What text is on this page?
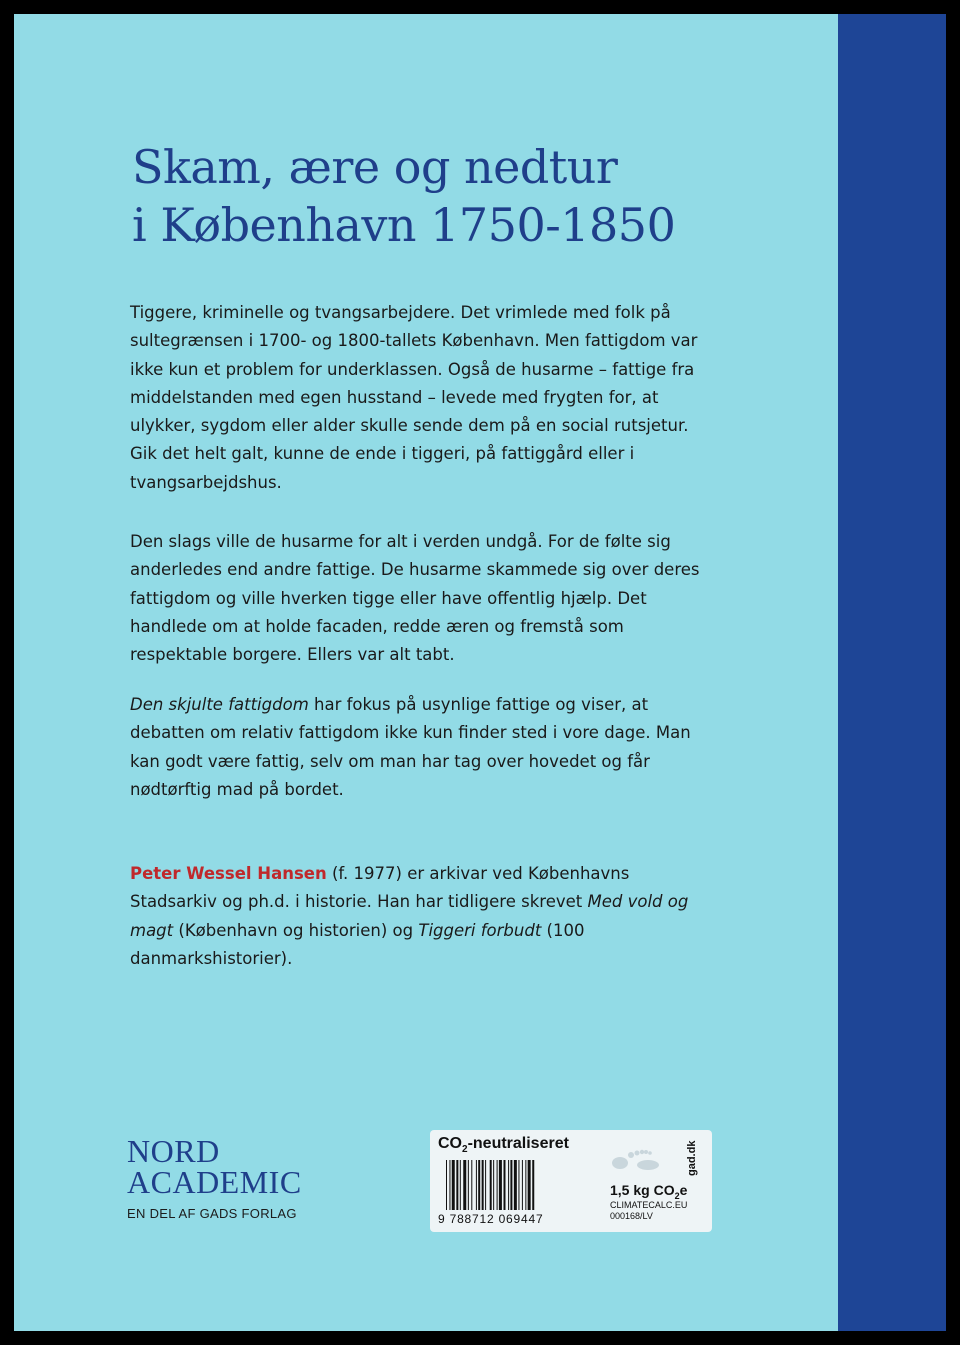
Skam, ære og nedtur
i København 1750-1850

Tiggere, kriminelle og tvangsarbejdere. Det vrimlede med folk på sultegrænsen i 1700- og 1800-tallets København. Men fattigdom var ikke kun et problem for underklassen. Også de husarme – fattige fra middelstanden med egen husstand – levede med frygten for, at ulykker, sygdom eller alder skulle sende dem på en social rutsjetur. Gik det helt galt, kunne de ende i tiggeri, på fattiggård eller i tvangsarbejdshus.

Den slags ville de husarme for alt i verden undgå. For de følte sig anderledes end andre fattige. De husarme skammede sig over deres fattigdom og ville hverken tigge eller have offentlig hjælp. Det handlede om at holde facaden, redde æren og fremstå som respektable borgere. Ellers var alt tabt.

Den skjulte fattigdom har fokus på usynlige fattige og viser, at debatten om relativ fattigdom ikke kun finder sted i vore dage. Man kan godt være fattig, selv om man har tag over hovedet og får nødtørftig mad på bordet.

Peter Wessel Hansen (f. 1977) er arkivar ved Københavns Stadsarkiv og ph.d. i historie. Han har tidligere skrevet Med vold og magt (København og historien) og Tiggeri forbudt (100 danmarkshistorier).

NORD
ACADEMIC
EN DEL AF GADS FORLAG
$CO_2$-neutraliseret
9 788712 069447
1,5 kg $CO_2e$
CLIMATECALC.EU
000168/LV
gad.dk
